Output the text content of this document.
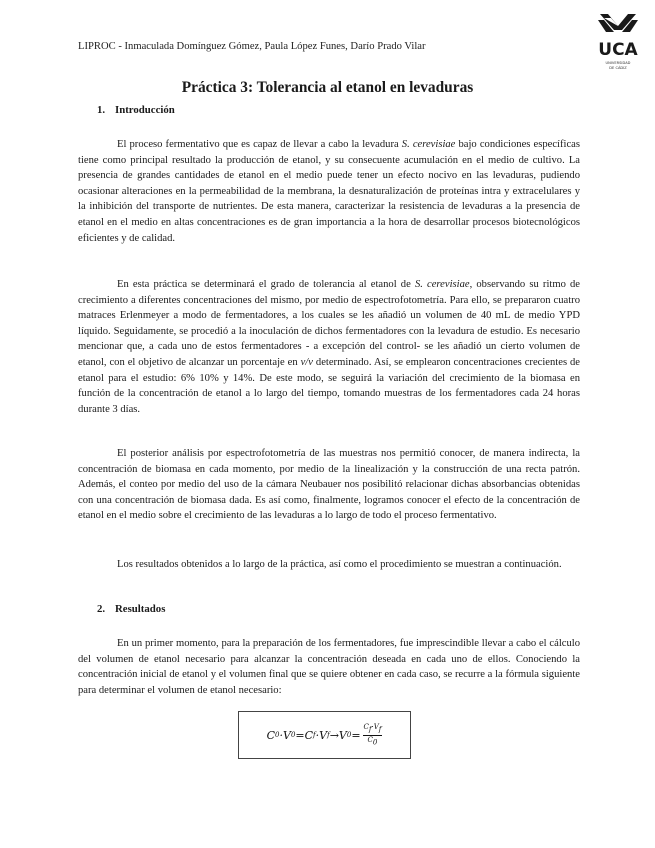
LIPROC - Inmaculada Domínguez Gómez, Paula López Funes, Darío Prado Vilar	UCA
UNIVERSIDAD
DE CÁDIZ
Práctica 3: Tolerancia al etanol en levaduras
1. Introducción

El proceso fermentativo que es capaz de llevar a cabo la levadura S. cerevisiae bajo condiciones específicas tiene como principal resultado la producción de etanol, y su consecuente acumulación en el medio de cultivo. La presencia de grandes cantidades de etanol en el medio puede tener un efecto nocivo en las levaduras, pudiendo ocasionar alteraciones en la permeabilidad de la membrana, la desnaturalización de proteínas intra y extracelulares y la inhibición del transporte de nutrientes. De esta manera, caracterizar la resistencia de levaduras a la presencia de etanol en el medio en altas concentraciones es de gran importancia a la hora de desarrollar procesos biotecnológicos eficientes y de calidad.

En esta práctica se determinará el grado de tolerancia al etanol de S. cerevisiae, observando su ritmo de crecimiento a diferentes concentraciones del mismo, por medio de espectrofotometría. Para ello, se prepararon cuatro matraces Erlenmeyer a modo de fermentadores, a los cuales se les añadió un volumen de 40 mL de medio YPD líquido. Seguidamente, se procedió a la inoculación de dichos fermentadores con la levadura de estudio. Es necesario mencionar que, a cada uno de estos fermentadores - a excepción del control- se les añadió un cierto volumen de etanol, con el objetivo de alcanzar un porcentaje en v/v determinado. Así, se emplearon concentraciones crecientes de etanol para el estudio: 6% 10% y 14%. De este modo, se seguirá la variación del crecimiento de la biomasa en función de la concentración de etanol a lo largo del tiempo, tomando muestras de los fermentadores cada 24 horas durante 3 días.

El posterior análisis por espectrofotometría de las muestras nos permitió conocer, de manera indirecta, la concentración de biomasa en cada momento, por medio de la linealización y la construcción de una recta patrón. Además, el conteo por medio del uso de la cámara Neubauer nos posibilitó relacionar dichas absorbancias obtenidas con una concentración de biomasa dada. Es así como, finalmente, logramos conocer el efecto de la concentración de etanol en el medio sobre el crecimiento de las levaduras a lo largo de todo el proceso fermentativo.

Los resultados obtenidos a lo largo de la práctica, así como el procedimiento se muestran a continuación.

2. Resultados

En un primer momento, para la preparación de los fermentadores, fue imprescindible llevar a cabo el cálculo del volumen de etanol necesario para alcanzar la concentración deseada en cada uno de ellos. Conociendo la concentración inicial de etanol y el volumen final que se quiere obtener en cada caso, se recurre a la fórmula siguiente para determinar el volumen de etanol necesario:

C 0 · V 0 = C f · V f → V $0 = \frac{C_f\cdot V_f}{C_0}$
